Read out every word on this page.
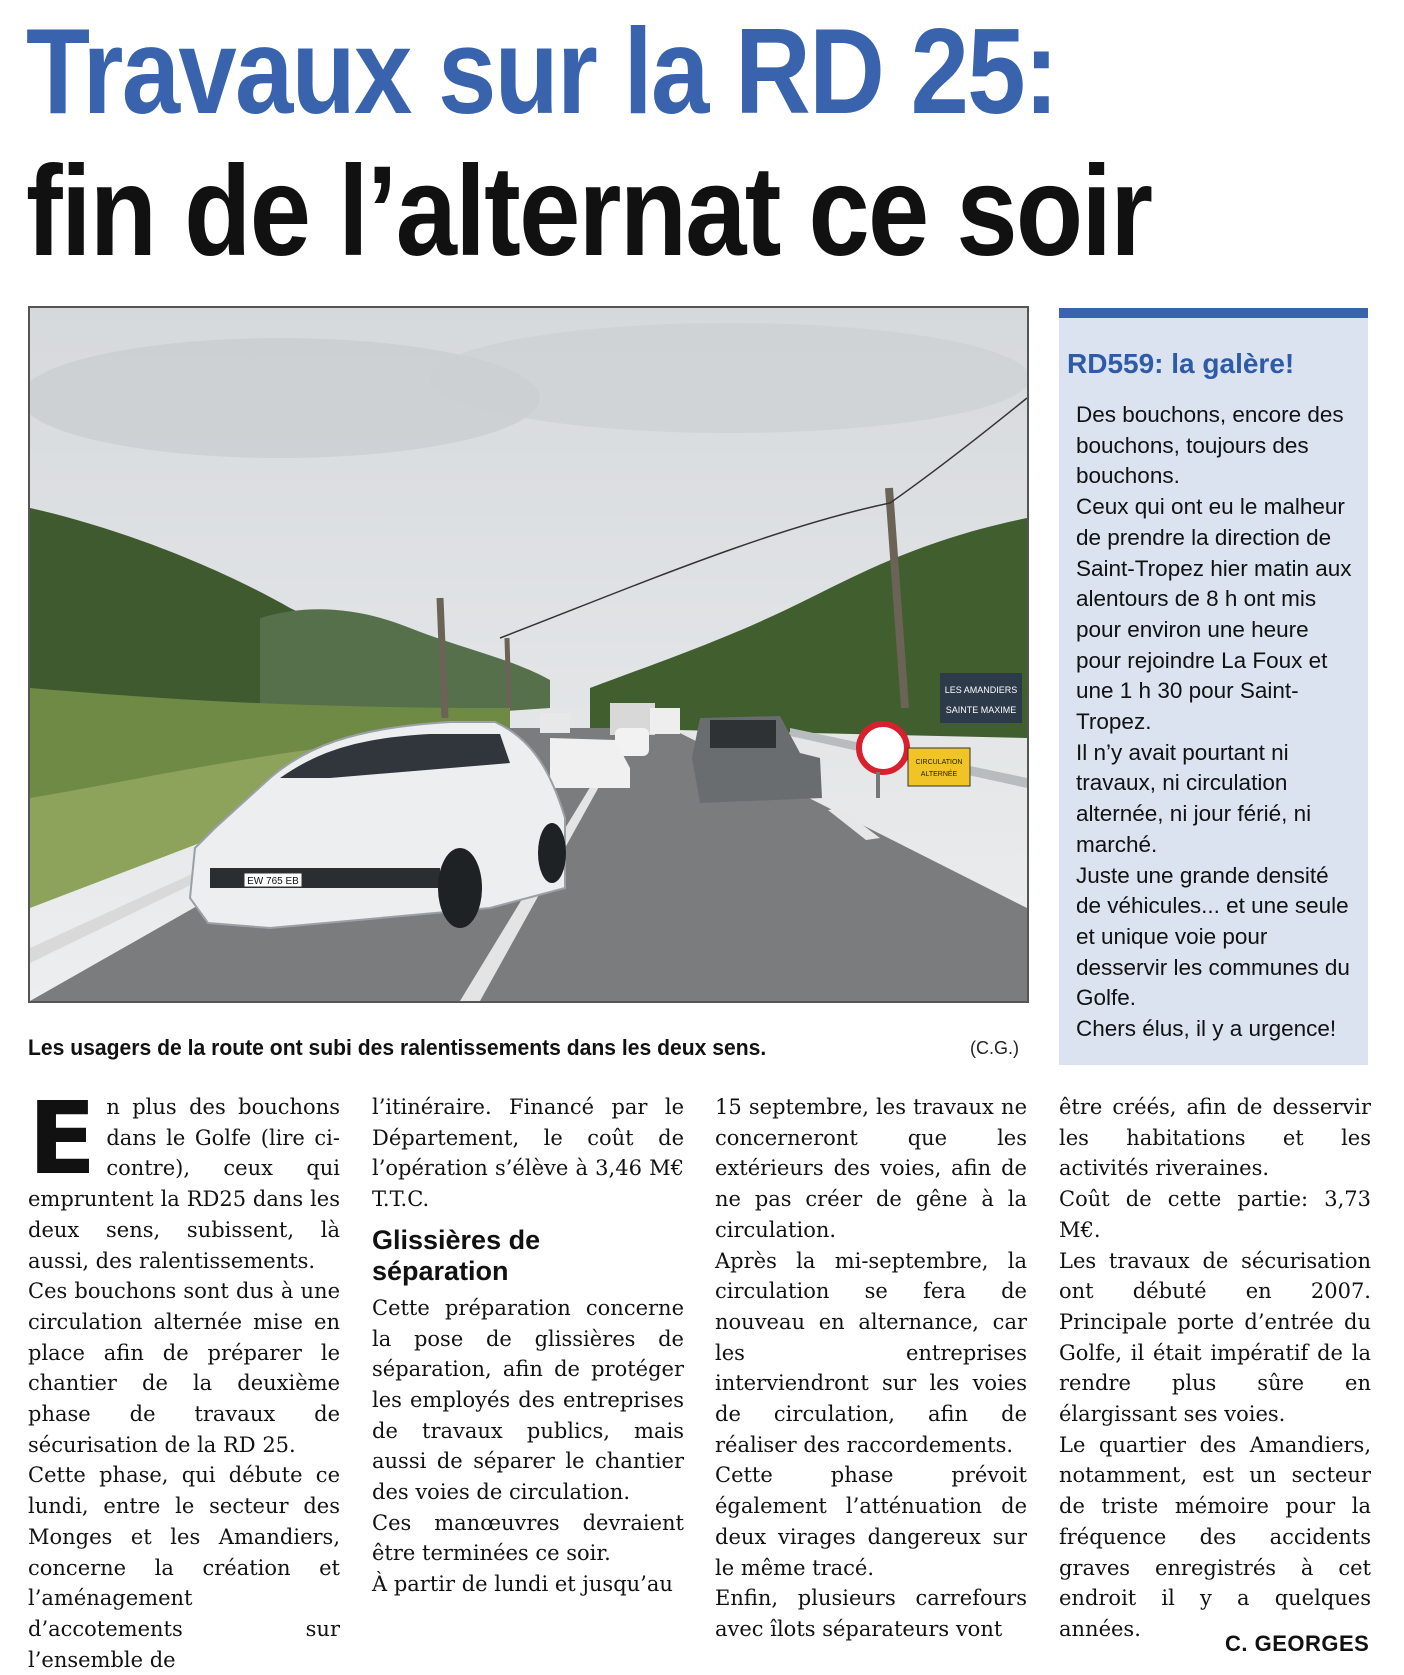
Travaux sur la RD 25:
fin de l’alternat ce soir
LES AMANDIERS
SAINTE MAXIME
CIRCULATION
ALTERNÉE
EW 765 EB
Les usagers de la route ont subi des ralentissements dans les deux sens.	(C.G.)
RD559: la galère!

Des bouchons, encore des bouchons, toujours des bouchons.

Ceux qui ont eu le malheur de prendre la direction de Saint-Tropez hier matin aux alentours de 8 h ont mis pour environ une heure pour rejoindre La Foux et une 1 h 30 pour Saint-Tropez.

Il n’y avait pourtant ni travaux, ni circulation alternée, ni jour férié, ni marché.

Juste une grande densité de véhicules... et une seule et unique voie pour desservir les communes du Golfe.

Chers élus, il y a urgence!

E n plus des bouchons dans le Golfe (lire ci-contre), ceux qui empruntent la RD25 dans les deux sens, subissent, là aussi, des ralentissements.

Ces bouchons sont dus à une circulation alternée mise en place afin de préparer le chantier de la deuxième phase de travaux de sécurisation de la RD 25.

Cette phase, qui débute ce lundi, entre le secteur des Monges et les Amandiers, concerne la création et l’aménagement d’accotements sur l’ensemble de

l’itinéraire. Financé par le Département, le coût de l’opération s’élève à 3,46 M€ T.T.C.

Glissières de séparation

Cette préparation concerne la pose de glissières de séparation, afin de protéger les employés des entreprises de travaux publics, mais aussi de séparer le chantier des voies de circulation.

Ces manœuvres devraient être terminées ce soir.

À partir de lundi et jusqu’au

15 septembre, les travaux ne concerneront que les extérieurs des voies, afin de ne pas créer de gêne à la circulation.

Après la mi-septembre, la circulation se fera de nouveau en alternance, car les entreprises interviendront sur les voies de circulation, afin de réaliser des raccordements.

Cette phase prévoit également l’atténuation de deux virages dangereux sur le même tracé.

Enfin, plusieurs carrefours avec îlots séparateurs vont

être créés, afin de desservir les habitations et les activités riveraines.

Coût de cette partie: 3,73 M€.

Les travaux de sécurisation ont débuté en 2007. Principale porte d’entrée du Golfe, il était impératif de la rendre plus sûre en élargissant ses voies.

Le quartier des Amandiers, notamment, est un secteur de triste mémoire pour la fréquence des accidents graves enregistrés à cet endroit il y a quelques années.

C. GEORGES
